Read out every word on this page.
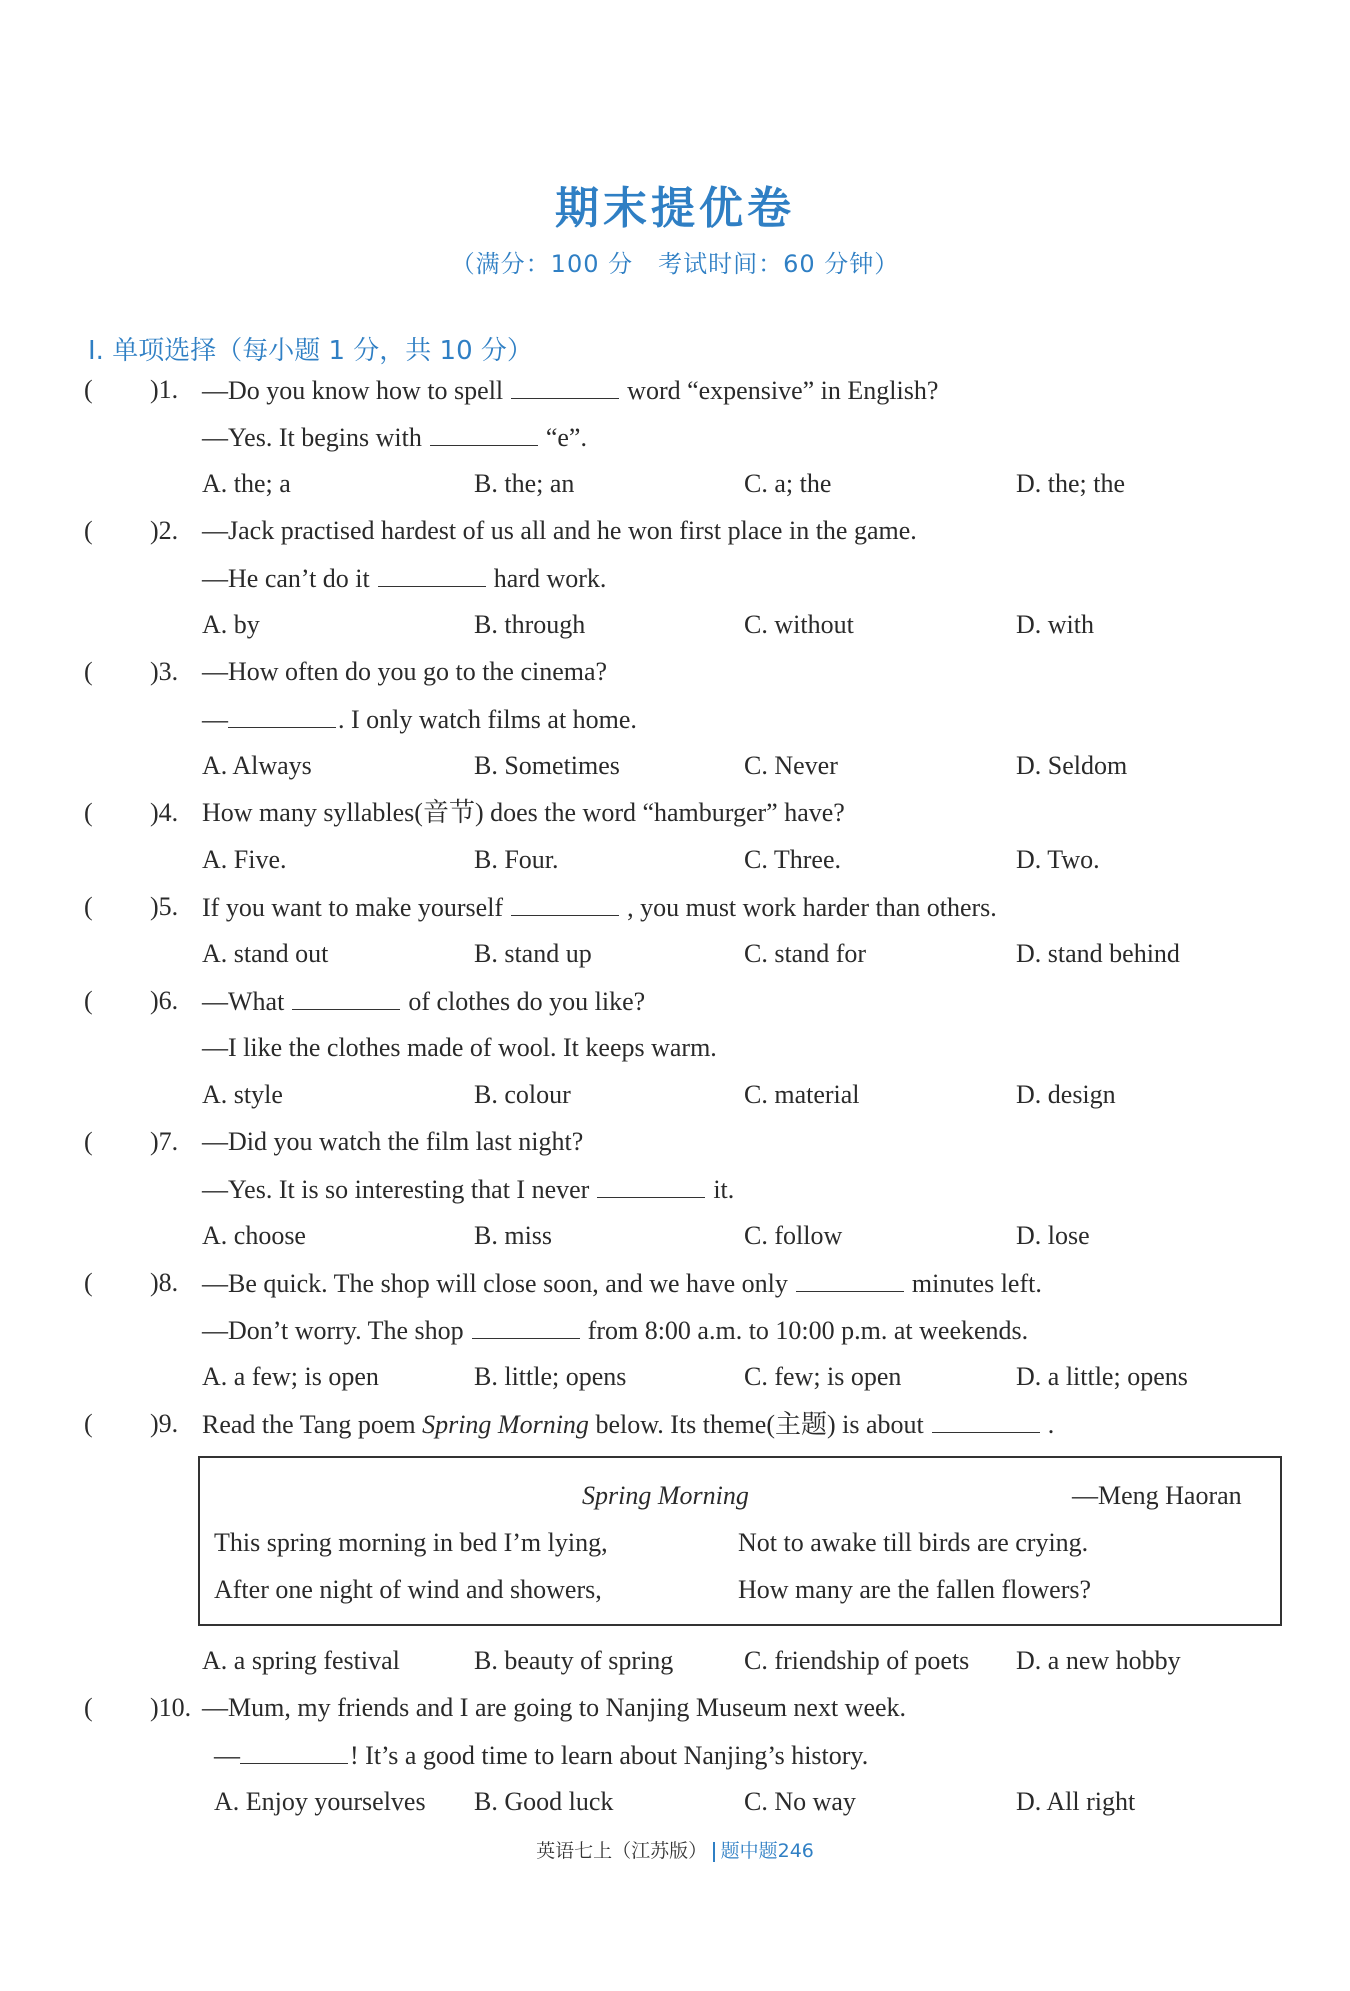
期末提优卷
（满分：100 分　考试时间：60 分钟）
Ⅰ. 单项选择（每小题 1 分，共 10 分）
( )1. —Do you know how to spell	word “expensive” in English?
—Yes. It begins with	“e”.
A. the; a	B. the; an	C. a; the	D. the; the
( )2. —Jack practised hardest of us all and he won first place in the game.
—He can’t do it	hard work.
A. by	B. through	C. without	D. with
( )3. —How often do you go to the cinema?
—	. I only watch films at home.
A. Always	B. Sometimes	C. Never	D. Seldom
( )4. How many syllables(音节) does the word “hamburger” have?
A. Five.	B. Four.	C. Three.	D. Two.
( )5. If you want to make yourself	, you must work harder than others.
A. stand out	B. stand up	C. stand for	D. stand behind
( )6. —What	of clothes do you like?
—I like the clothes made of wool. It keeps warm.
A. style	B. colour	C. material	D. design
( )7. —Did you watch the film last night?
—Yes. It is so interesting that I never	it.
A. choose	B. miss	C. follow	D. lose
( )8. —Be quick. The shop will close soon, and we have only	minutes left.
—Don’t worry. The shop	from 8:00 a.m. to 10:00 p.m. at weekends.
A. a few; is open	B. little; opens	C. few; is open	D. a little; opens
( )9. Read the Tang poem Spring Morning below. Its theme(主题) is about	.
Spring Morning	—Meng Haoran
This spring morning in bed I’m lying,	Not to awake till birds are crying.
After one night of wind and showers,	How many are the fallen flowers?
A. a spring festival	B. beauty of spring	C. friendship of poets D. a new hobby
( )10. —Mum, my friends and I are going to Nanjing Museum next week.
—	! It’s a good time to learn about Nanjing’s history.
A. Enjoy yourselves B. Good luck	C. No way	D. All right
英语七上（江苏版） 题中题246
